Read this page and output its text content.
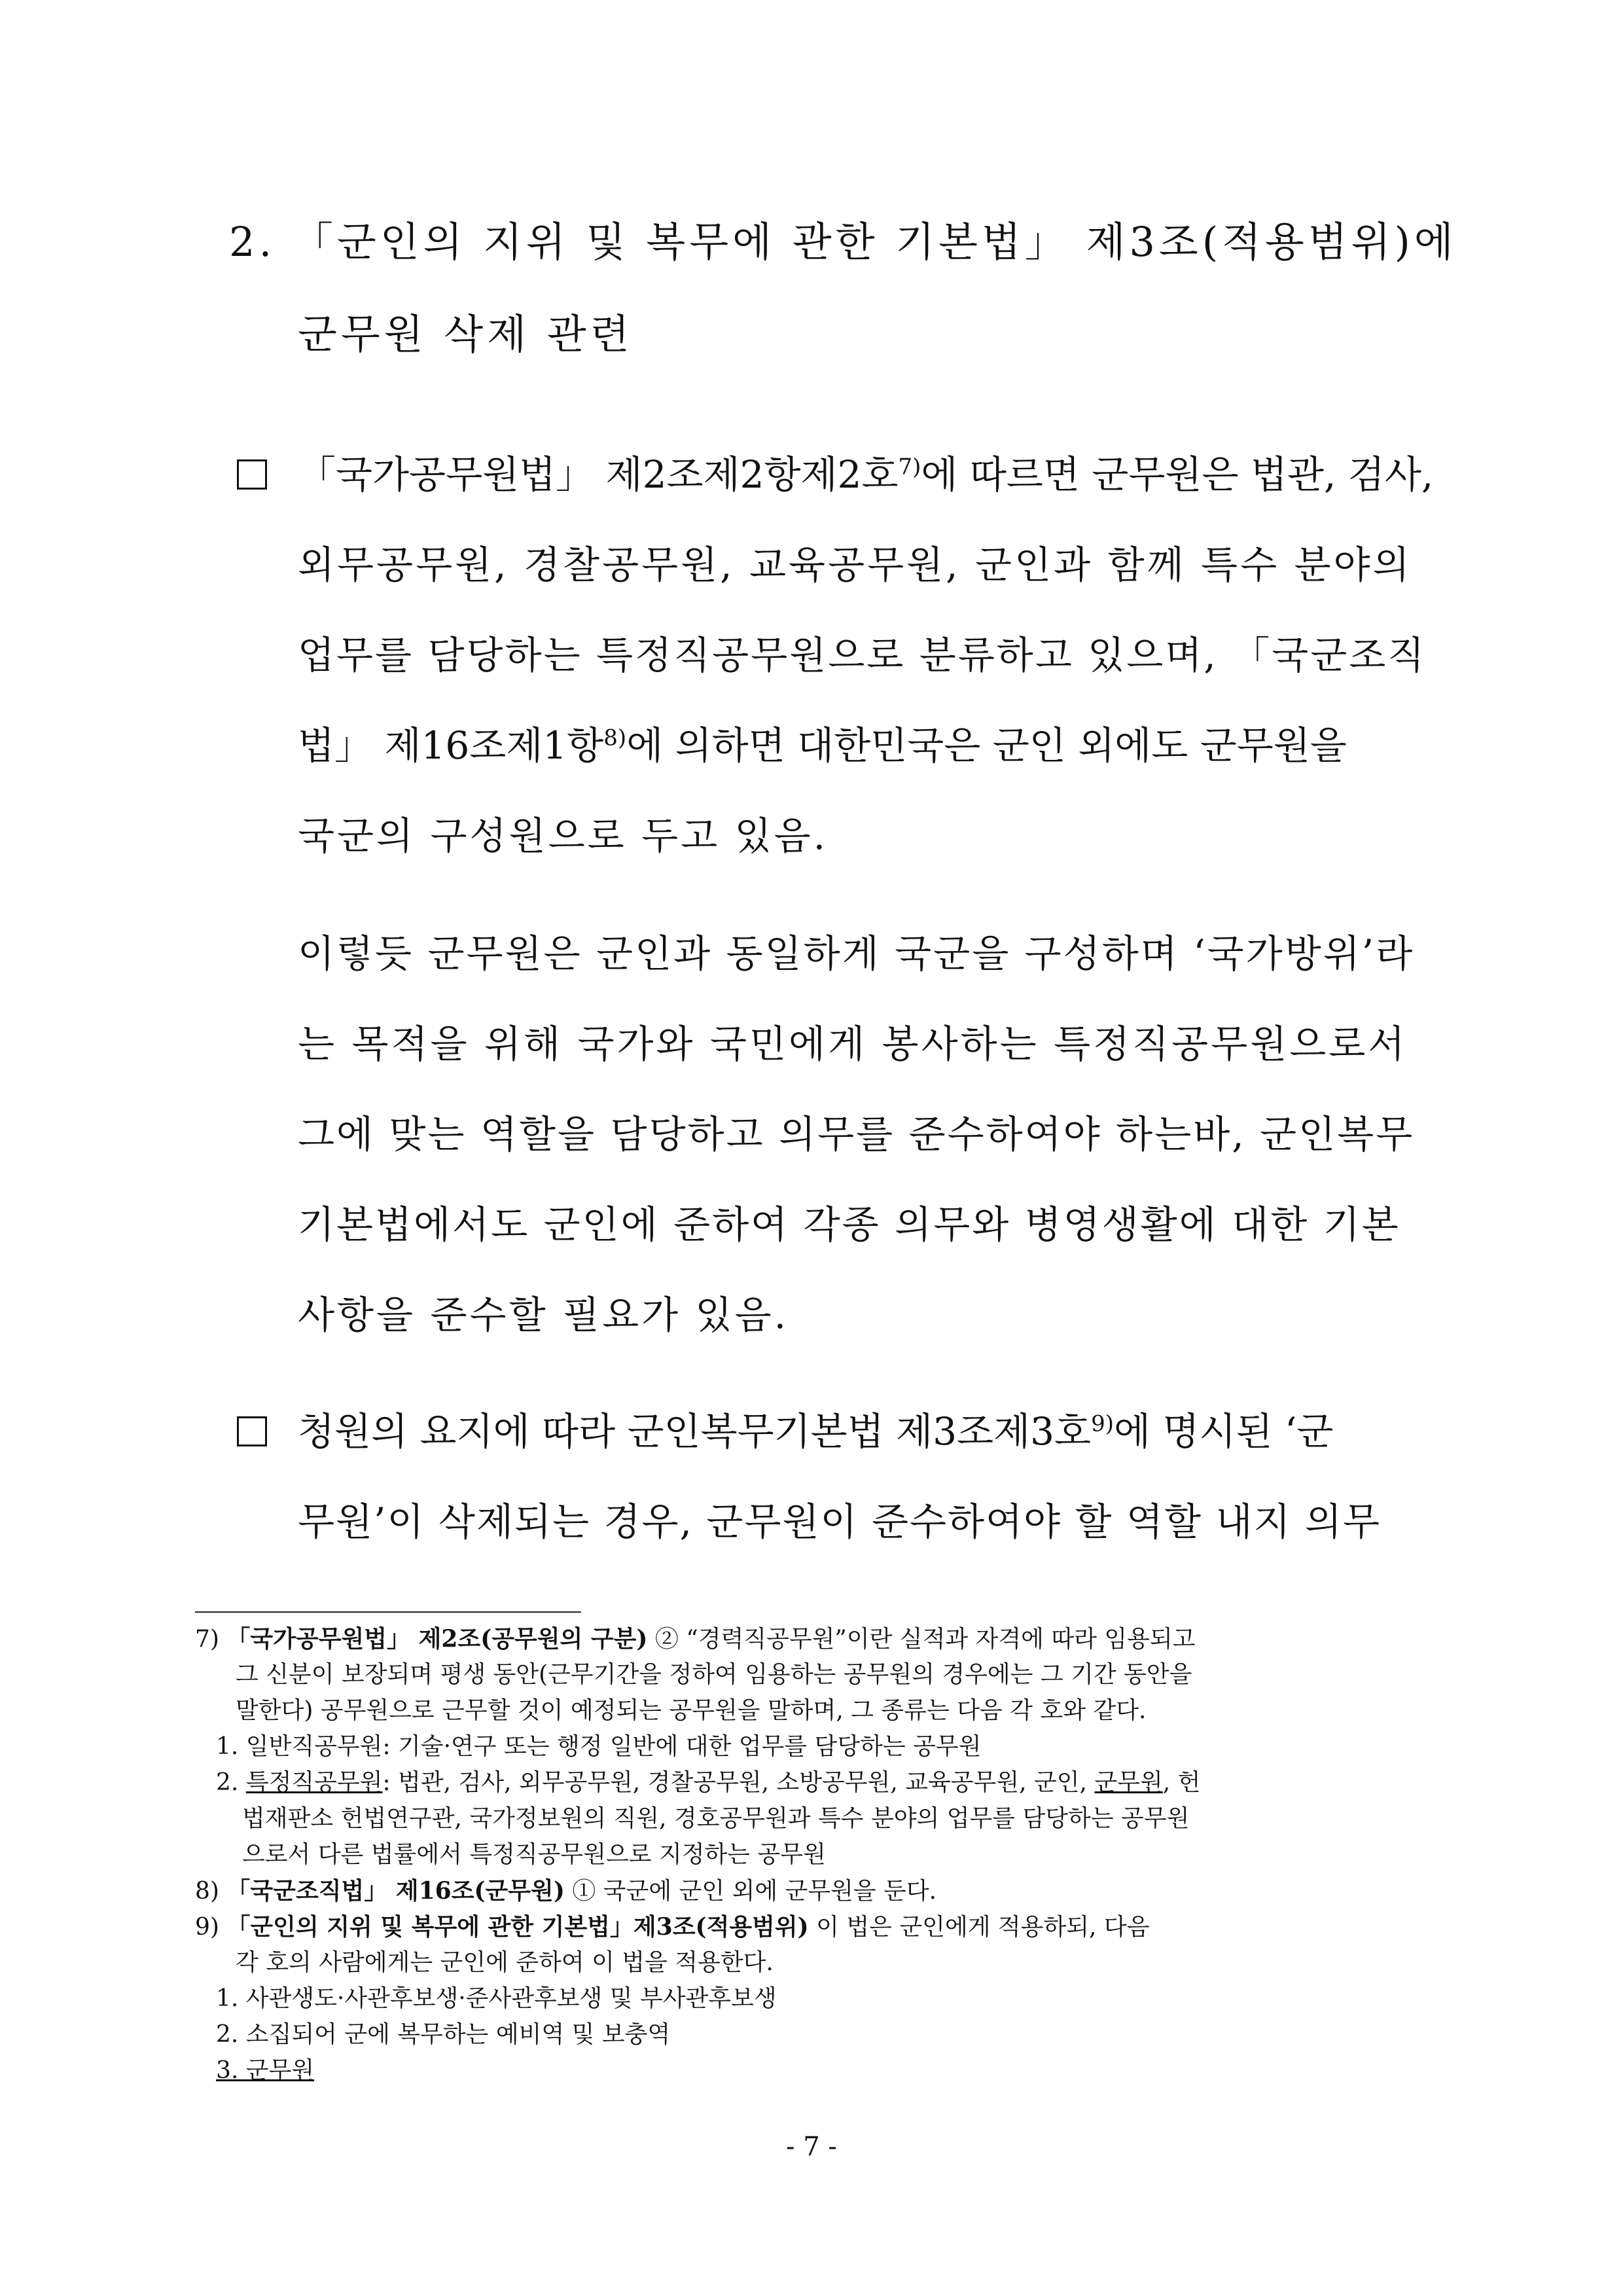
2. 「군인의 지위 및 복무에 관한 기본법」 제3조(적용범위)에
군무원 삭제 관련
「국가공무원법」 제2조제2항제2호$^{7)}$에 따르면 군무원은 법관, 검사,
외무공무원, 경찰공무원, 교육공무원, 군인과 함께 특수 분야의
업무를 담당하는 특정직공무원으로 분류하고 있으며, 「국군조직
법」 제16조제1항$^{8)}$에 의하면 대한민국은 군인 외에도 군무원을
국군의 구성원으로 두고 있음.
이렇듯 군무원은 군인과 동일하게 국군을 구성하며 ‘국가방위’라
는 목적을 위해 국가와 국민에게 봉사하는 특정직공무원으로서
그에 맞는 역할을 담당하고 의무를 준수하여야 하는바, 군인복무
기본법에서도 군인에 준하여 각종 의무와 병영생활에 대한 기본
사항을 준수할 필요가 있음.
청원의 요지에 따라 군인복무기본법 제3조제3호$^{9)}$에 명시된 ‘군
무원’이 삭제되는 경우, 군무원이 준수하여야 할 역할 내지 의무
7) 「국가공무원법」 제2조(공무원의 구분) ② “경력직공무원”이란 실적과 자격에 따라 임용되고
그 신분이 보장되며 평생 동안(근무기간을 정하여 임용하는 공무원의 경우에는 그 기간 동안을
말한다) 공무원으로 근무할 것이 예정되는 공무원을 말하며, 그 종류는 다음 각 호와 같다.
1. 일반직공무원: 기술·연구 또는 행정 일반에 대한 업무를 담당하는 공무원
2. 특정직공무원: 법관, 검사, 외무공무원, 경찰공무원, 소방공무원, 교육공무원, 군인, 군무원, 헌
법재판소 헌법연구관, 국가정보원의 직원, 경호공무원과 특수 분야의 업무를 담당하는 공무원
으로서 다른 법률에서 특정직공무원으로 지정하는 공무원
8) 「국군조직법」 제16조(군무원) ① 국군에 군인 외에 군무원을 둔다.
9) 「군인의 지위 및 복무에 관한 기본법」제3조(적용범위) 이 법은 군인에게 적용하되, 다음
각 호의 사람에게는 군인에 준하여 이 법을 적용한다.
1. 사관생도·사관후보생·준사관후보생 및 부사관후보생
2. 소집되어 군에 복무하는 예비역 및 보충역
3. 군무원
- 7 -
